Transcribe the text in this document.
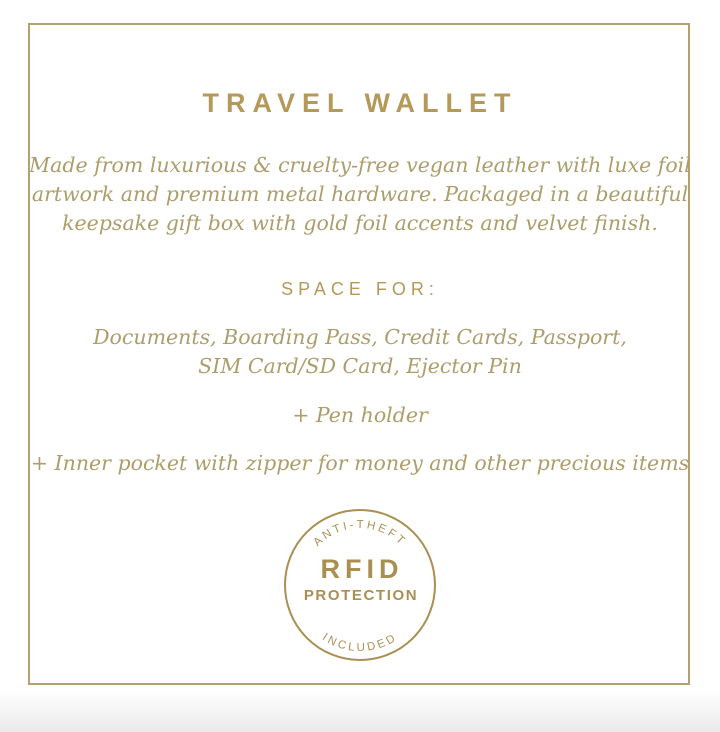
TRAVEL WALLET
Made from luxurious & cruelty-free vegan leather with luxe foil
artwork and premium metal hardware. Packaged in a beautiful
keepsake gift box with gold foil accents and velvet finish.
SPACE FOR:
Documents, Boarding Pass, Credit Cards, Passport,
SIM Card/SD Card, Ejector Pin
+ Pen holder
+ Inner pocket with zipper for money and other precious items
ANTI-THEFT
RFID
PROTECTION
INCLUDED
